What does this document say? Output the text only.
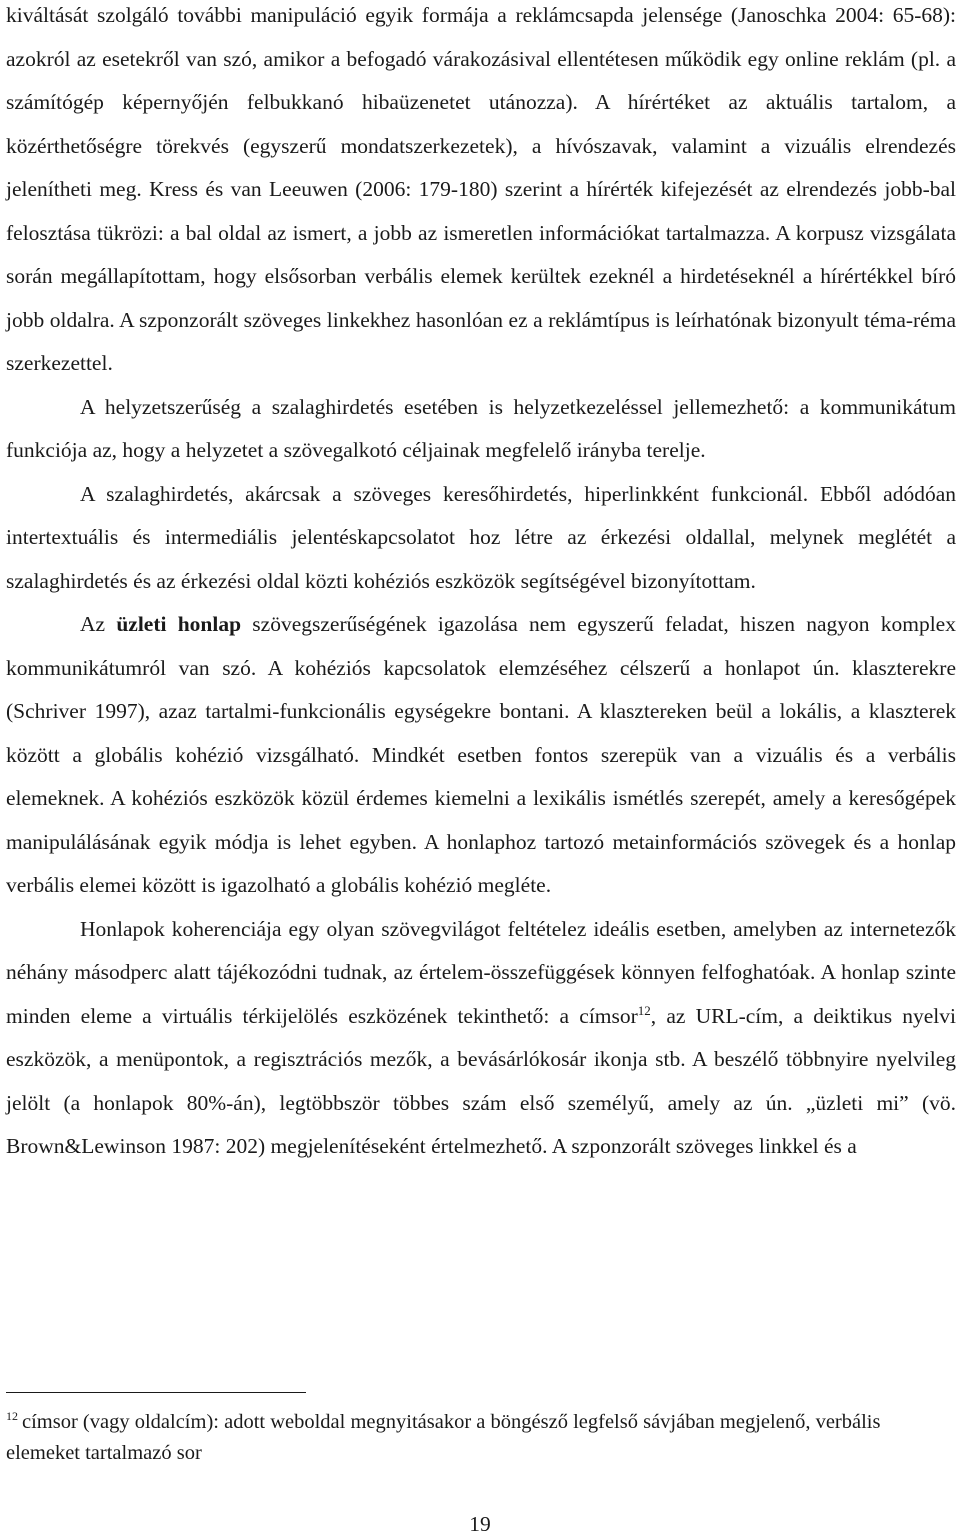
kiváltását szolgáló további manipuláció egyik formája a reklámcsapda jelensége (Janoschka 2004: 65-68): azokról az esetekről van szó, amikor a befogadó várakozásival ellentétesen működik egy online reklám (pl. a számítógép képernyőjén felbukkanó hibaüzenetet utánozza). A hírértéket az aktuális tartalom, a közérthetőségre törekvés (egyszerű mondatszerkezetek), a hívószavak, valamint a vizuális elrendezés jelenítheti meg. Kress és van Leeuwen (2006: 179-180) szerint a hírérték kifejezését az elrendezés jobb-bal felosztása tükrözi: a bal oldal az ismert, a jobb az ismeretlen információkat tartalmazza. A korpusz vizsgálata során megállapítottam, hogy elsősorban verbális elemek kerültek ezeknél a hirdetéseknél a hírértékkel bíró jobb oldalra. A szponzorált szöveges linkekhez hasonlóan ez a reklámtípus is leírhatónak bizonyult téma-réma szerkezettel.

A helyzetszerűség a szalaghirdetés esetében is helyzetkezeléssel jellemezhető: a kommunikátum funkciója az, hogy a helyzetet a szövegalkotó céljainak megfelelő irányba terelje.

A szalaghirdetés, akárcsak a szöveges keresőhirdetés, hiperlinkként funkcionál. Ebből adódóan intertextuális és intermediális jelentéskapcsolatot hoz létre az érkezési oldallal, melynek meglétét a szalaghirdetés és az érkezési oldal közti kohéziós eszközök segítségével bizonyítottam.

Az üzleti honlap szövegszerűségének igazolása nem egyszerű feladat, hiszen nagyon komplex kommunikátumról van szó. A kohéziós kapcsolatok elemzéséhez célszerű a honlapot ún. klaszterekre (Schriver 1997), azaz tartalmi-funkcionális egységekre bontani. A klasztereken beül a lokális, a klaszterek között a globális kohézió vizsgálható. Mindkét esetben fontos szerepük van a vizuális és a verbális elemeknek. A kohéziós eszközök közül érdemes kiemelni a lexikális ismétlés szerepét, amely a keresőgépek manipulálásának egyik módja is lehet egyben. A honlaphoz tartozó metainformációs szövegek és a honlap verbális elemei között is igazolható a globális kohézió megléte.

Honlapok koherenciája egy olyan szövegvilágot feltételez ideális esetben, amelyben az internetezők néhány másodperc alatt tájékozódni tudnak, az értelem-összefüggések könnyen felfoghatóak. A honlap szinte minden eleme a virtuális térkijelölés eszközének tekinthető: a címsor$^{12}$, az URL-cím, a deiktikus nyelvi eszközök, a menüpontok, a regisztrációs mezők, a bevásárlókosár ikonja stb. A beszélő többnyire nyelvileg jelölt (a honlapok 80%-án), legtöbbször többes szám első személyű, amely az ún. „üzleti mi” (vö. Brown&Lewinson 1987: 202) megjelenítéseként értelmezhető. A szponzorált szöveges linkkel és a

$^{12}$ címsor (vagy oldalcím): adott weboldal megnyitásakor a böngésző legfelső sávjában megjelenő, verbális elemeket tartalmazó sor

19
